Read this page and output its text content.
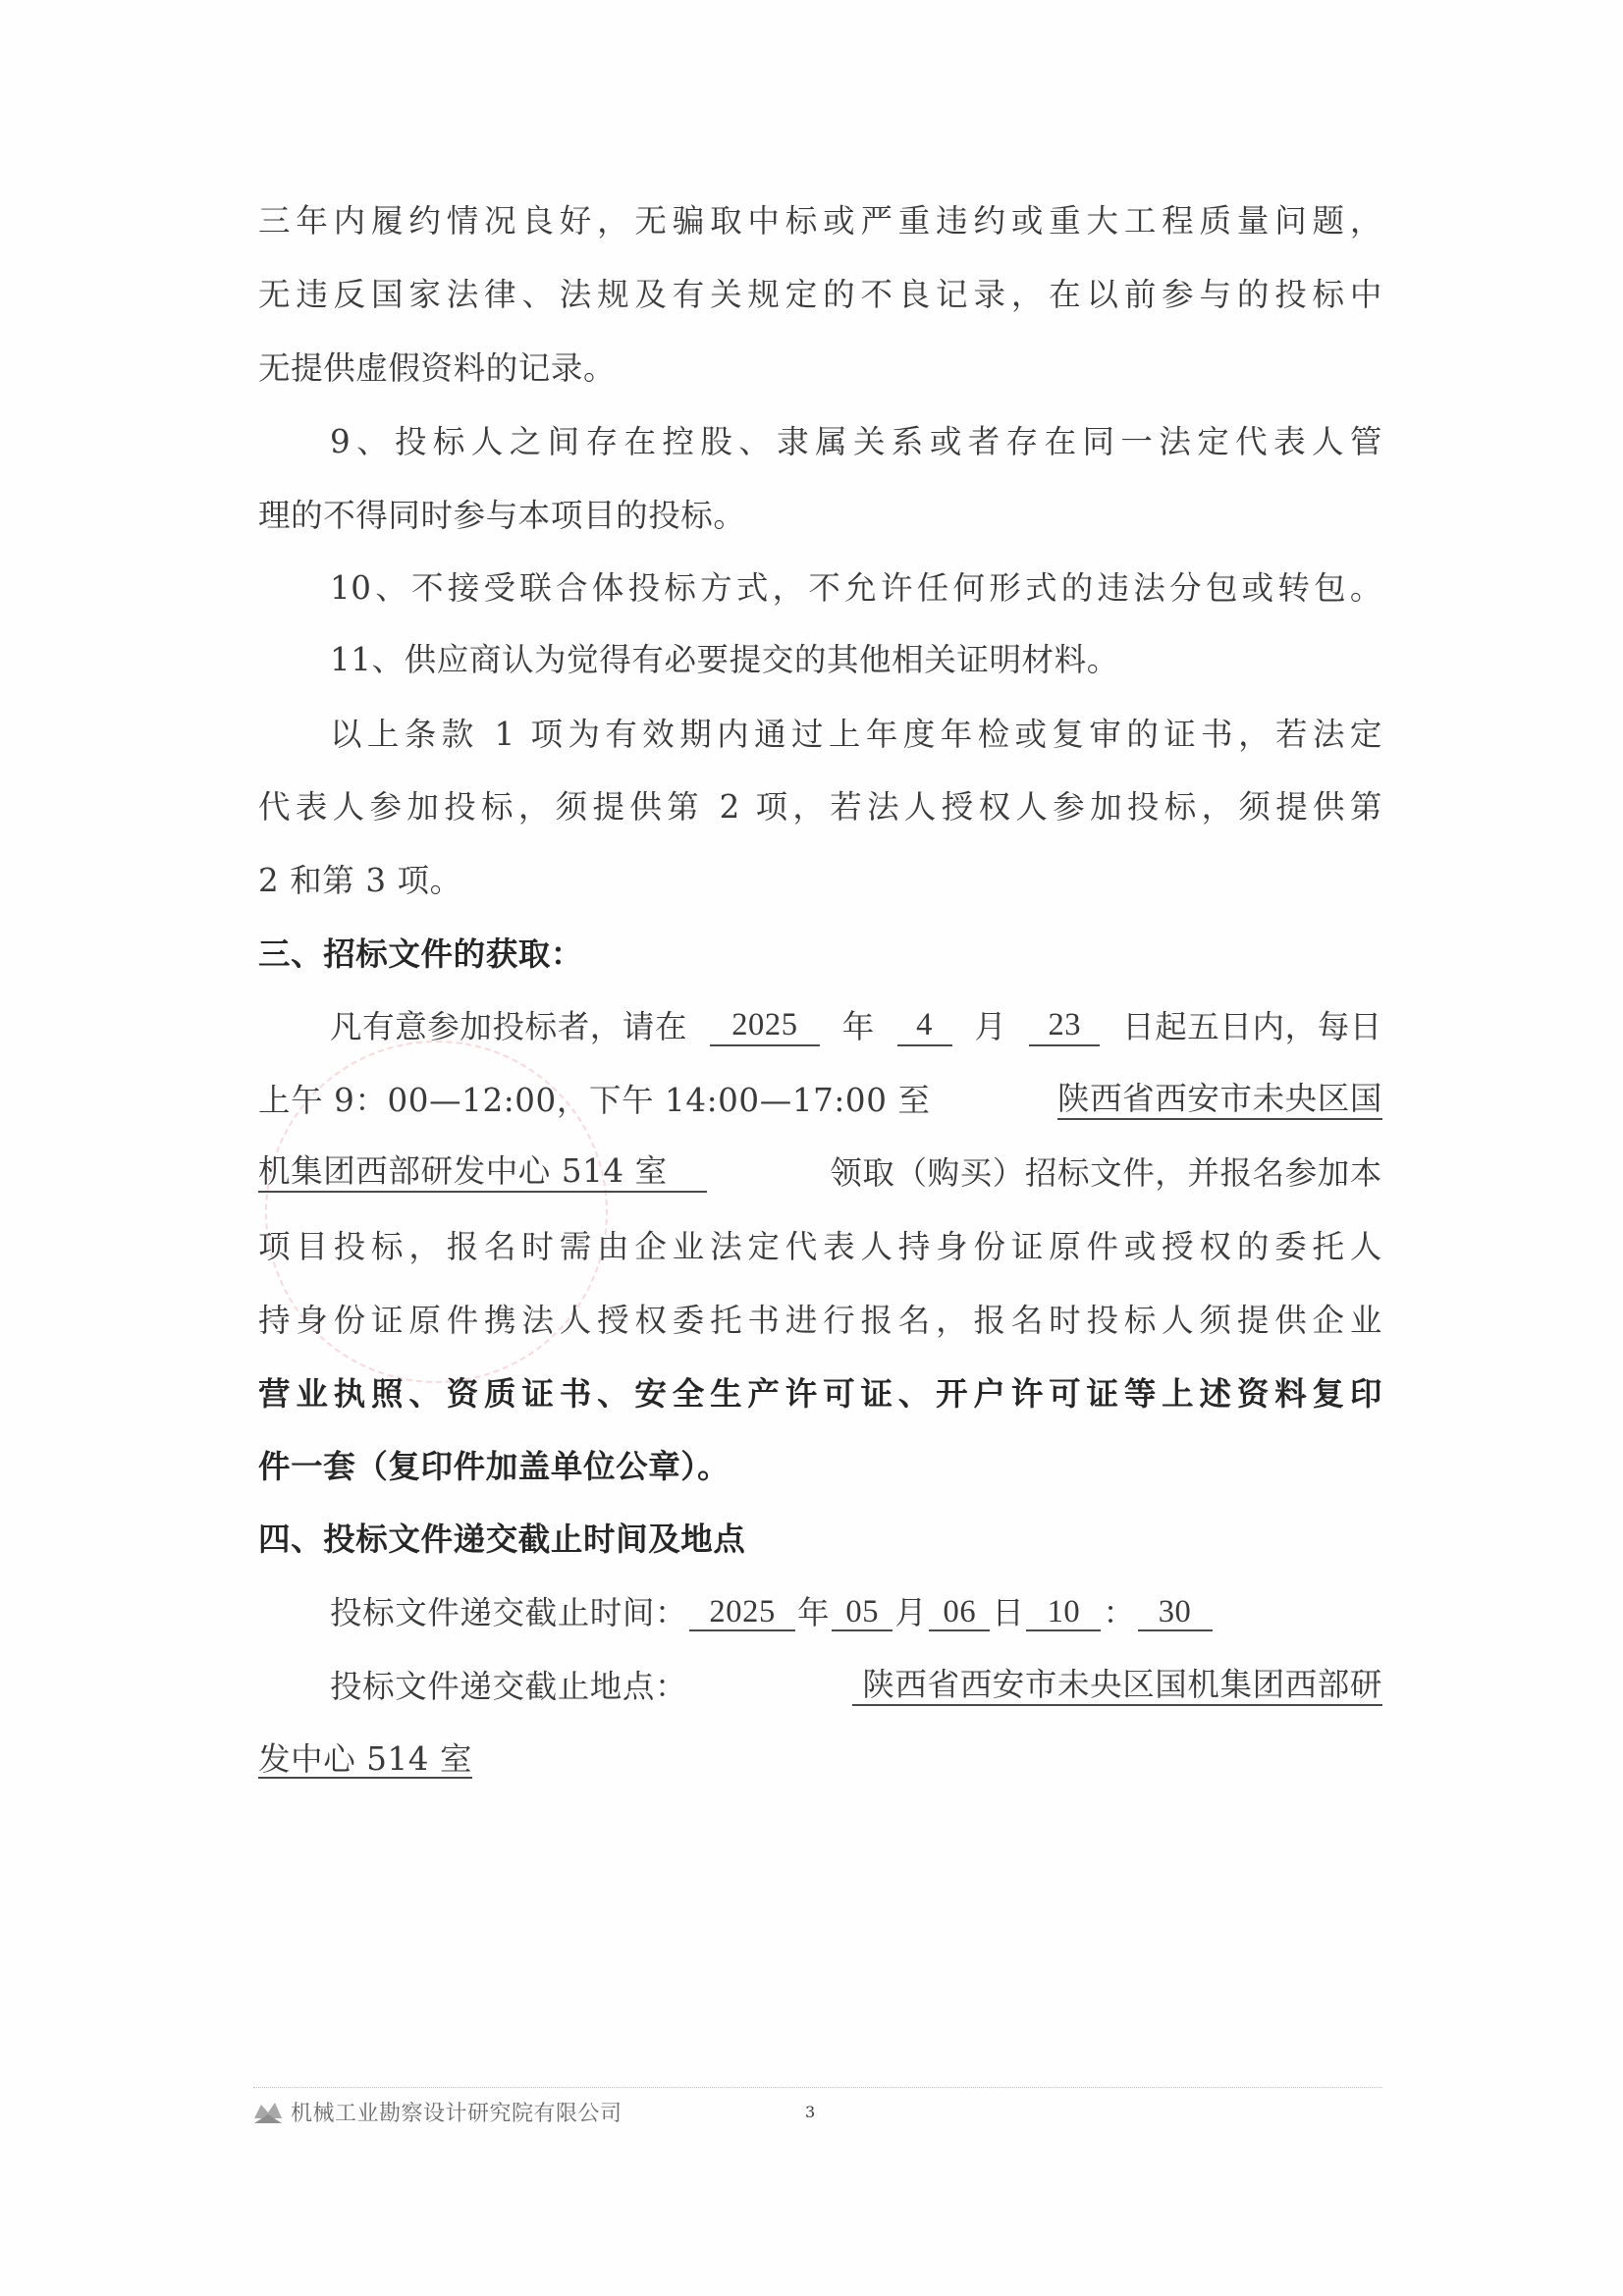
三年内履约情况良好，无骗取中标或严重违约或重大工程质量问题，
无违反国家法律、法规及有关规定的不良记录，在以前参与的投标中
无提供虚假资料的记录。
9、投标人之间存在控股、隶属关系或者存在同一法定代表人管
理的不得同时参与本项目的投标。
10、不接受联合体投标方式，不允许任何形式的违法分包或转包。
11、供应商认为觉得有必要提交的其他相关证明材料。
以上条款 1 项为有效期内通过上年度年检或复审的证书，若法定
代表人参加投标，须提供第 2 项，若法人授权人参加投标，须提供第
2 和第 3 项。
三、招标文件的获取：
凡有意参加投标者，请在	2025	年	4	月	23	日起五日内，每日
上午 9：00—12:00，下午 14:00—17:00 至	陕西省西安市未央区国
机集团西部研发中心 514 室	领取（购买）招标文件，并报名参加本
项目投标，报名时需由企业法定代表人持身份证原件或授权的委托人
持身份证原件携法人授权委托书进行报名，报名时投标人须提供企业
营业执照、资质证书、安全生产许可证、开户许可证等上述资料复印
件一套（复印件加盖单位公章）。
四、投标文件递交截止时间及地点
投标文件递交截止时间： 2025 年 05 月 06 日 10 ： 30
投标文件递交截止地点：	陕西省西安市未央区国机集团西部研
发中心 514 室
机械工业勘察设计研究院有限公司	3
